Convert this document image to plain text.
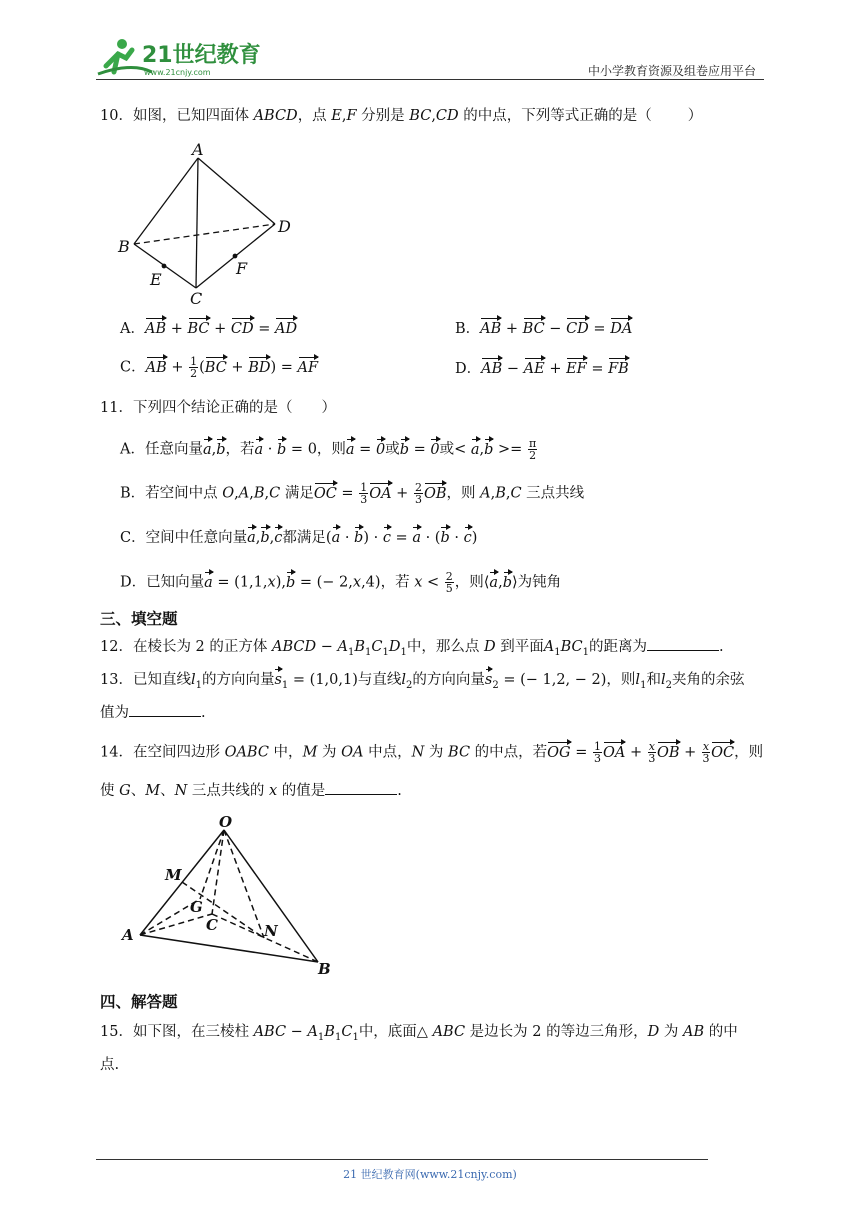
21世纪教育
www.21cnjy.com	中小学教育资源及组卷应用平台
10．如图，已知四面体 ABCD，点 E,F 分别是 BC,CD 的中点，下列等式正确的是（ ）
A
B
C
D
E
F
A．AB + BC + CD = AD	B．AB + BC − CD = DA
C．AB + $\frac{1}{2} (BC + BD)$ = AF	D．AB − AE + EF = FB
11．下列四个结论正确的是（　　）
A．任意向量a,b，若a · b = 0，则a = 0或b = 0或< $a,b >= \frac{\pi}{2}$
B．若空间中点 O,A,B,C 满足OC = $\frac{1}{3}$ OA + $\frac{2}{3}$ OB，则 A,B,C 三点共线
C．空间中任意向量a,b,c都满足(a · b) · c = a · (b · c)
D．已知向量a = (1,1,x),b = (− 2,x,4)，若 $x < \frac{2}{5}$ ，则⟨a,b⟩为钝角
三、填空题
12．在棱长为 2 的正方体 ABCD − $A_1B_1C_1D_1$中，那么点 D 到平面$A_1BC_1$的距离为	.
13．已知直线$l_1$的方向向量$s_1 = (1,0,1)$与直线$l_2$的方向向量$s_2$ = (− 1,2, − 2)，则$l_1$和$l_2$夹角的余弦
值为	.
14．在空间四边形 OABC 中，M 为 OA 中点，N 为 BC 的中点，若OG = $\frac{1}{3}$ OA + $\frac{x}{3}$ OB + $\frac{x}{3}$ OC，则
使 G、M、N 三点共线的 x 的值是	.
O
M
G
C
A	N
B
四、解答题
15．如下图，在三棱柱 ABC − $A_1B_1C_1$中，底面△ ABC 是边长为 2 的等边三角形，D 为 AB 的中
点.
21 世纪教育网(www.21cnjy.com)
